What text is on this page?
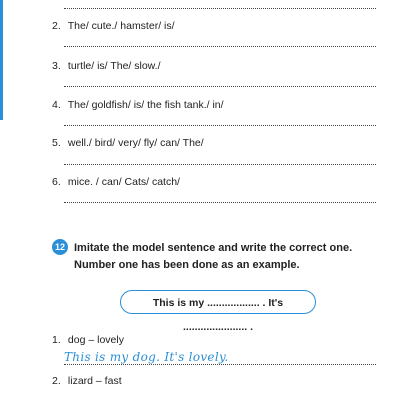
2. The/ cute./ hamster/ is/
3. turtle/ is/ The/ slow./
4. The/ goldfish/ is/ the fish tank./ in/
5. well./ bird/ very/ fly/ can/ The/
6. mice. / can/ Cats/ catch/
12 Imitate the model sentence and write the correct one.
Number one has been done as an example.
This is my .................. . It's ...................... .
1. dog – lovely
This is my dog. It's lovely.
2. lizard – fast
